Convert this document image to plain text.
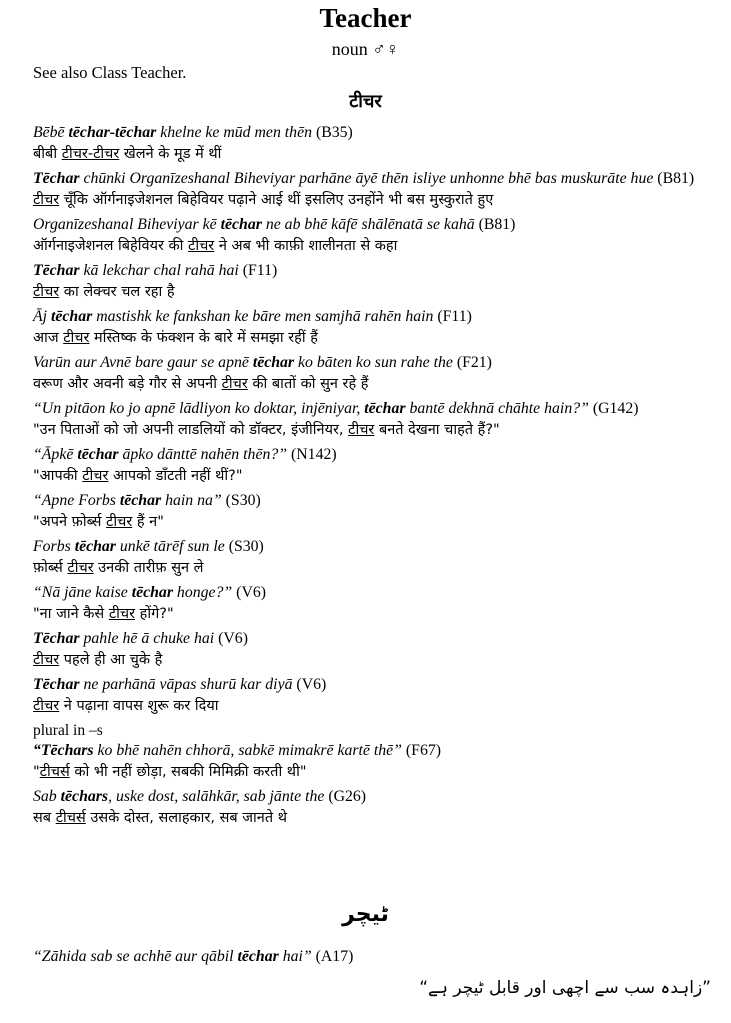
Teacher
noun ♂♀
See also Class Teacher.
टीचर
Bēbē tēchar-tēchar khelne ke mūd men thēn (B35)
बीबी टीचर-टीचर खेलने के मूड में थीं
Tēchar chūnki Organīzeshanal Biheviyar parhāne āyē thēn isliye unhonne bhē bas muskurāte hue (B81)
टीचर चूँकि ऑर्गनाइजेशनल बिहेवियर पढ़ाने आई थीं इसलिए उनहोंने भी बस मुस्कुराते हुए
Organīzeshanal Biheviyar kē tēchar ne ab bhē kāfē shālēnatā se kahā (B81)
ऑर्गनाइजेशनल बिहेवियर की टीचर ने अब भी काफ़ी शालीनता से कहा
Tēchar kā lekchar chal rahā hai (F11)
टीचर का लेक्चर चल रहा है
Āj tēchar mastishk ke fankshan ke bāre men samjhā rahēn hain (F11)
आज टीचर मस्तिष्क के फंक्शन के बारे में समझा रहीं हैं
Varūn aur Avnē bare gaur se apnē tēchar ko bāten ko sun rahe the (F21)
वरूण और अवनी बड़े गौर से अपनी टीचर की बातों को सुन रहे हैं
“Un pitāon ko jo apnē lādliyon ko doktar, injēniyar, tēchar bantē dekhnā chāhte hain?” (G142)
"उन पिताओं को जो अपनी लाडलियों को डॉक्टर, इंजीनियर, टीचर बनते देखना चाहते हैं?"
“Āpkē tēchar āpko dānttē nahēn thēn?” (N142)
"आपकी टीचर आपको डाँटती नहीं थीं?"
“Apne Forbs tēchar hain na” (S30)
"अपने फ़ोर्ब्स टीचर हैं न"
Forbs tēchar unkē tārēf sun le (S30)
फ़ोर्ब्स टीचर उनकी तारीफ़ सुन ले
“Nā jāne kaise tēchar honge?” (V6)
"ना जाने कैसे टीचर होंगे?"
Tēchar pahle hē ā chuke hai (V6)
टीचर पहले ही आ चुके है
Tēchar ne parhānā vāpas shurū kar diyā (V6)
टीचर ने पढ़ाना वापस शुरू कर दिया
plural in –s
“Tēchars ko bhē nahēn chhorā, sabkē mimakrē kartē thē” (F67)
"टीचर्स को भी नहीं छोड़ा, सबकी मिमिक्री करती थी"
Sab tēchars, uske dost, salāhkār, sab jānte the (G26)
सब टीचर्स उसके दोस्त, सलाहकार, सब जानते थे
ٹیچر
“Zāhida sab se achhē aur qābil tēchar hai” (A17)
”زاہدہ سب سے اچھی اور قابل ٹیچر ہے“
